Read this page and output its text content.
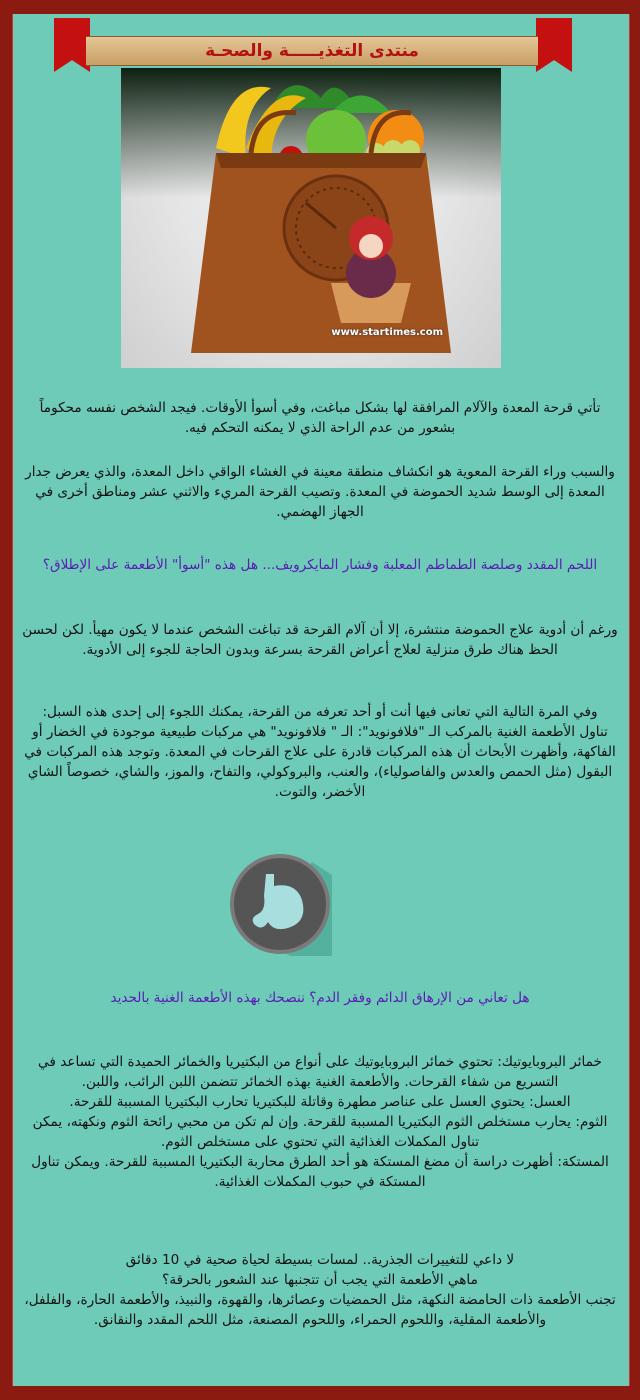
منتدى التغذيـــــة والصحـة
www.startimes.com

تأتي قرحة المعدة والآلام المرافقة لها بشكل مباغت، وفي أسوأ الأوقات. فيجد الشخص نفسه محكوماً بشعور من عدم الراحة الذي لا يمكنه التحكم فيه.

والسبب وراء القرحة المعوية هو انكشاف منطقة معينة في الغشاء الواقي داخل المعدة، والذي يعرض جدار المعدة إلى الوسط شديد الحموضة في المعدة. وتصيب القرحة المريء والاثني عشر ومناطق أخرى في الجهاز الهضمي.

اللحم المقدد وصلصة الطماطم المعلبة وفشار المايكرويف... هل هذه "أسوأ" الأطعمة على الإطلاق؟

ورغم أن أدوية علاج الحموضة منتشرة، إلا أن آلام القرحة قد تباغت الشخص عندما لا يكون مهيأ. لكن لحسن الحظ هناك طرق منزلية لعلاج أعراض القرحة بسرعة وبدون الحاجة للجوء إلى الأدوية.

وفي المرة التالية التي تعانى فيها أنت أو أحد تعرفه من القرحة، يمكنك اللجوء إلى إحدى هذه السبل:

تناول الأطعمة الغنية بالمركب الـ "فلافونويد": الـ " فلافونويد" هي مركبات طبيعية موجودة في الخضار أو الفاكهة، وأظهرت الأبحاث أن هذه المركبات قادرة على علاج القرحات في المعدة. وتوجد هذه المركبات في البقول (مثل الحمص والعدس والفاصولياء)، والعنب، والبروكولي، والتفاح، والموز، والشاي، خصوصاً الشاي الأخضر، والتوت.

هل تعاني من الإرهاق الدائم وفقر الدم؟ ننصحك بهذه الأطعمة الغنية بالحديد

خمائر البروبايوتيك: تحتوي خمائر البروبايوتيك على أنواع من البكتيريا والخمائر الحميدة التي تساعد في التسريع من شفاء القرحات. والأطعمة الغنية بهذه الخمائر تتضمن اللبن الرائب، واللبن.

العسل: يحتوي العسل على عناصر مطهرة وقاتلة للبكتيريا تحارب البكتيريا المسببة للقرحة.

الثوم: يحارب مستخلص الثوم البكتيريا المسببة للقرحة. وإن لم تكن من محبي رائحة الثوم ونكهته، يمكن تناول المكملات الغذائية التي تحتوي على مستخلص الثوم.

المستكة: أظهرت دراسة أن مضغ المستكة هو أحد الطرق محاربة البكتيريا المسببة للقرحة. ويمكن تناول المستكة في حبوب المكملات الغذائية.

لا داعي للتغييرات الجذرية.. لمسات بسيطة لحياة صحية في 10 دقائق

ماهي الأطعمة التي يجب أن تتجنبها عند الشعور بالحرقة؟

تجنب الأطعمة ذات الحامضة النكهة، مثل الحمضيات وعصائرها، والقهوة، والنبيذ، والأطعمة الحارة، والفلفل، والأطعمة المقلية، واللحوم الحمراء، واللحوم المصنعة، مثل اللحم المقدد والنقانق.
